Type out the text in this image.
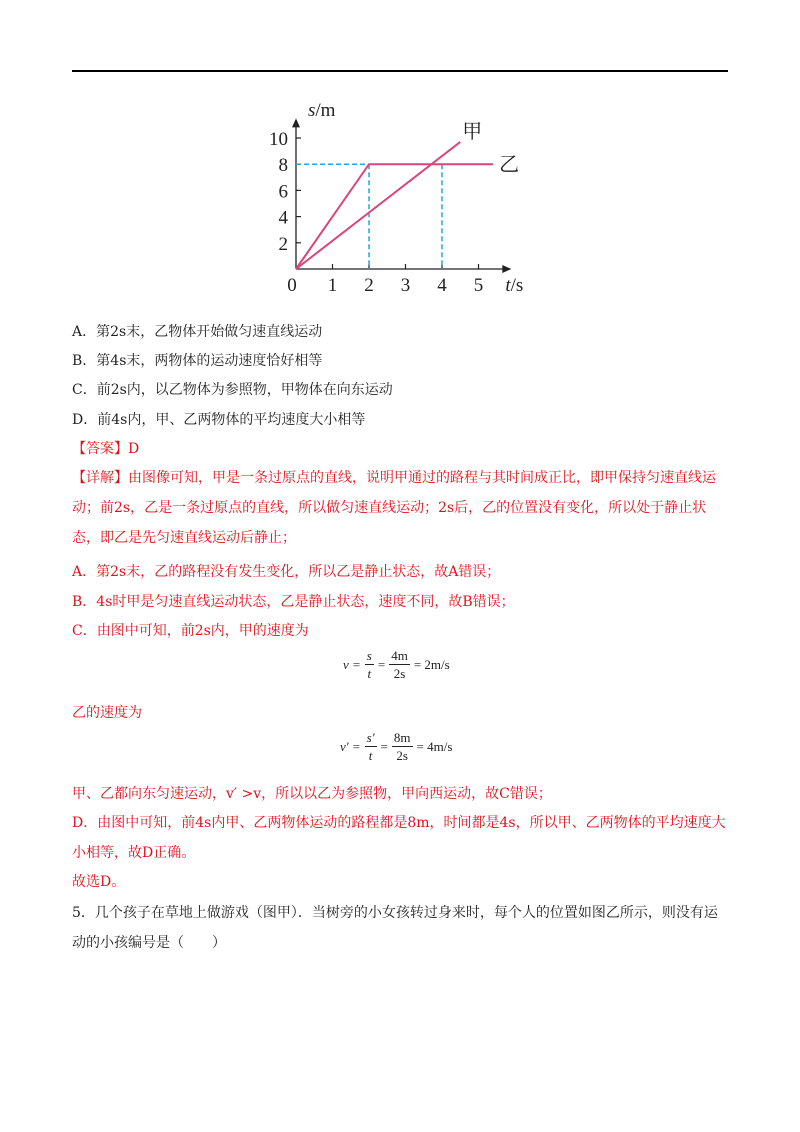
0 1 2 3 4 5
2
4
6
8
10
t/s
s/m
甲
乙
A．第2s末，乙物体开始做匀速直线运动
B．第4s末，两物体的运动速度恰好相等
C．前2s内，以乙物体为参照物，甲物体在向东运动
D．前4s内，甲、乙两物体的平均速度大小相等
【答案】D
【详解】由图像可知，甲是一条过原点的直线，说明甲通过的路程与其时间成正比，即甲保持匀速直线运动；前2s，乙是一条过原点的直线，所以做匀速直线运动；2s后，乙的位置没有变化，所以处于静止状态，即乙是先匀速直线运动后静止；
A．第2s末，乙的路程没有发生变化，所以乙是静止状态，故A错误；
B．4s时甲是匀速直线运动状态，乙是静止状态，速度不同，故B错误；
C．由图中可知，前2s内，甲的速度为
$v = \frac{s}{t} = \frac{4m}{2s} = 2m/s$
乙的速度为
$v' = \frac{s'}{t} = \frac{8m}{2s} = 4m/s$
甲、乙都向东匀速运动，v′ >v，所以以乙为参照物，甲向西运动，故C错误；
D．由图中可知，前4s内甲、乙两物体运动的路程都是8m，时间都是4s，所以甲、乙两物体的平均速度大小相等，故D正确。
故选D。
5．几个孩子在草地上做游戏（图甲）．当树旁的小女孩转过身来时，每个人的位置如图乙所示，则没有运动的小孩编号是（　　）
